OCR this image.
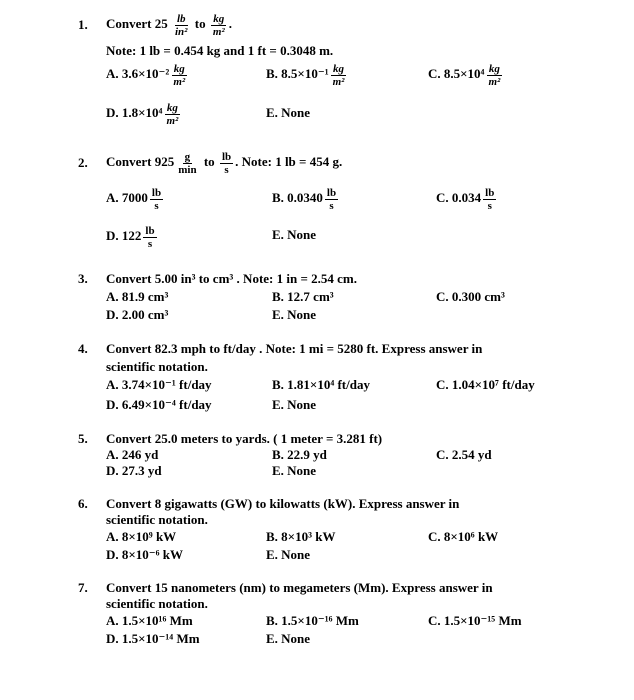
1. Convert $25 \frac{lb}{\text{in²}}$ to $\frac{kg}{\text{m²}}$ .
Note: 1 lb = 0.454 kg and 1 ft = 0.3048 m.
A. $3.6\times 10^{-2} \frac{kg}{\text{m²}}$	B. $8.5\times 10^{-1} \frac{kg}{\text{m²}}$	C. $8.5\times 10^4 \frac{kg}{\text{m²}}$
D. $1.8\times 10^4 \frac{kg}{\text{m²}}$	E. None
2. Convert $925 \frac{g}{\min}$ to $\frac{lb}{s}$ . Note: 1 lb = 454 g.
A. $7000 \frac{lb}{s}$	B. $0.0340 \frac{lb}{s}$	C. $0.034 \frac{lb}{s}$
D. $122 \frac{lb}{s}$	E. None
3. Convert 5.00 in³ to cm³ . Note: 1 in = 2.54 cm.
A. 81.9 cm³	B. 12.7 cm³	C. 0.300 cm³
D. 2.00 cm³	E. None
4. Convert 82.3 mph to ft/day . Note: 1 mi = 5280 ft. Express answer in
scientific notation.
A. 3.74×10⁻¹ ft/day	B. 1.81×10⁴ ft/day	C. 1.04×10⁷ ft/day
D. 6.49×10⁻⁴ ft/day	E. None
5. Convert 25.0 meters to yards. ( 1 meter = 3.281 ft)
A. 246 yd	B. 22.9 yd	C. 2.54 yd
D. 27.3 yd	E. None
6. Convert 8 gigawatts (GW) to kilowatts (kW). Express answer in
scientific notation.
A. 8×10⁹ kW	B. 8×10³ kW	C. 8×10⁶ kW
D. 8×10⁻⁶ kW	E. None
7. Convert 15 nanometers (nm) to megameters (Mm). Express answer in
scientific notation.
A. 1.5×10¹⁶ Mm	B. 1.5×10⁻¹⁶ Mm	C. 1.5×10⁻¹⁵ Mm
D. 1.5×10⁻¹⁴ Mm	E. None
